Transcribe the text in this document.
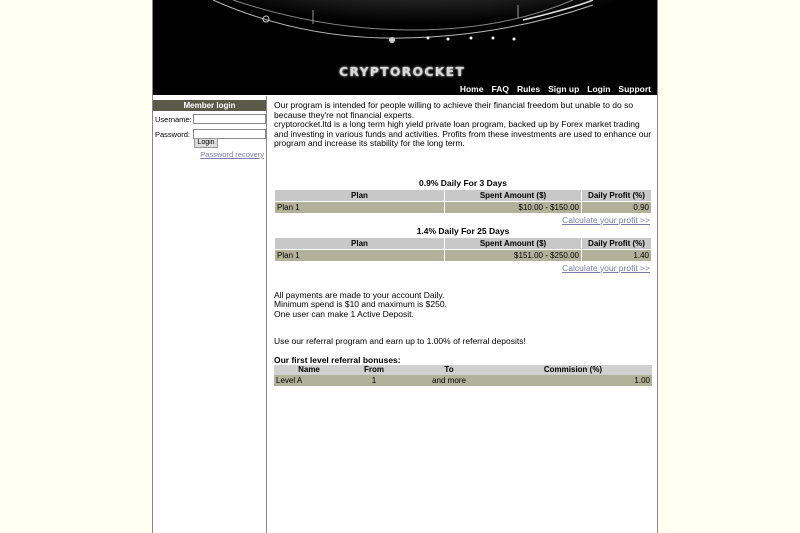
CRYPTOROCKET
Home FAQ Rules Sign up Login Support
Member login
Username:
Password:
Login
Password recovery

Our program is intended for people willing to achieve their financial freedom but unable to do so because they're not financial experts.

cryptorocket.ltd is a long term high yield private loan program, backed up by Forex market trading and investing in various funds and activities. Profits from these investments are used to enhance our program and increase its stability for the long term.

0.9% Daily For 3 Days
Plan	Spent Amount ($)	Daily Profit (%)
Plan 1	$10.00 - $150.00	0.90
Calculate your profit >>
1.4% Daily For 25 Days
Plan	Spent Amount ($)	Daily Profit (%)
Plan 1	$151.00 - $250.00	1.40
Calculate your profit >>

All payments are made to your account Daily.

Minimum spend is $10 and maximum is $250.

One user can make 1 Active Deposit.

Use our referral program and earn up to 1.00% of referral deposits!

Our first level referral bonuses:

Name	From	To	Commision (%)
Level A	1	and more	1.00
